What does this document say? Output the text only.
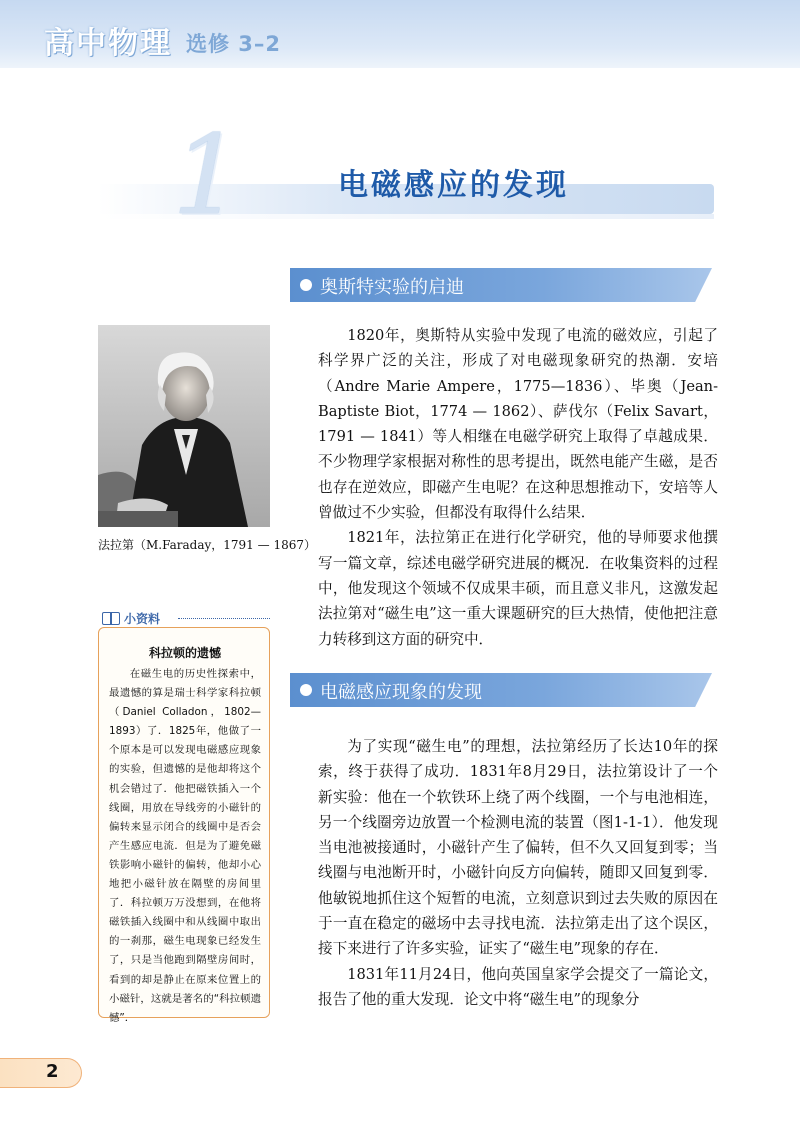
高中物理 选修 3–2
1	电磁感应的发现
奥斯特实验的启迪
法拉第（M.Faraday，1791 — 1867）

1820年，奥斯特从实验中发现了电流的磁效应，引起了科学界广泛的关注，形成了对电磁现象研究的热潮．安培（Andre Marie Ampere，1775—1836）、毕奥（Jean-Baptiste Biot，1774 — 1862）、萨伐尔（Felix Savart，1791 — 1841）等人相继在电磁学研究上取得了卓越成果．不少物理学家根据对称性的思考提出，既然电能产生磁，是否也存在逆效应，即磁产生电呢？在这种思想推动下，安培等人曾做过不少实验，但都没有取得什么结果．

1821年，法拉第正在进行化学研究，他的导师要求他撰写一篇文章，综述电磁学研究进展的概况．在收集资料的过程中，他发现这个领域不仅成果丰硕，而且意义非凡，这激发起法拉第对“磁生电”这一重大课题研究的巨大热情，使他把注意力转移到这方面的研究中．

电磁感应现象的发现

为了实现“磁生电”的理想，法拉第经历了长达10年的探索，终于获得了成功．1831年8月29日，法拉第设计了一个新实验：他在一个软铁环上绕了两个线圈，一个与电池相连，另一个线圈旁边放置一个检测电流的装置（图1-1-1）．他发现当电池被接通时，小磁针产生了偏转，但不久又回复到零；当线圈与电池断开时，小磁针向反方向偏转，随即又回复到零．他敏锐地抓住这个短暂的电流，立刻意识到过去失败的原因在于一直在稳定的磁场中去寻找电流．法拉第走出了这个误区，接下来进行了许多实验，证实了“磁生电”现象的存在．

1831年11月24日，他向英国皇家学会提交了一篇论文，报告了他的重大发现．论文中将“磁生电”的现象分

小资料
科拉顿的遗憾

在磁生电的历史性探索中，最遗憾的算是瑞士科学家科拉顿（Daniel Colladon，1802—1893）了．1825年，他做了一个原本是可以发现电磁感应现象的实验，但遗憾的是他却将这个机会错过了．他把磁铁插入一个线圈，用放在导线旁的小磁针的偏转来显示闭合的线圈中是否会产生感应电流．但是为了避免磁铁影响小磁针的偏转，他却小心地把小磁针放在隔壁的房间里了．科拉顿万万没想到，在他将磁铁插入线圈中和从线圈中取出的一刹那，磁生电现象已经发生了，只是当他跑到隔壁房间时，看到的却是静止在原来位置上的小磁针，这就是著名的“科拉顿遗憾”．

2
